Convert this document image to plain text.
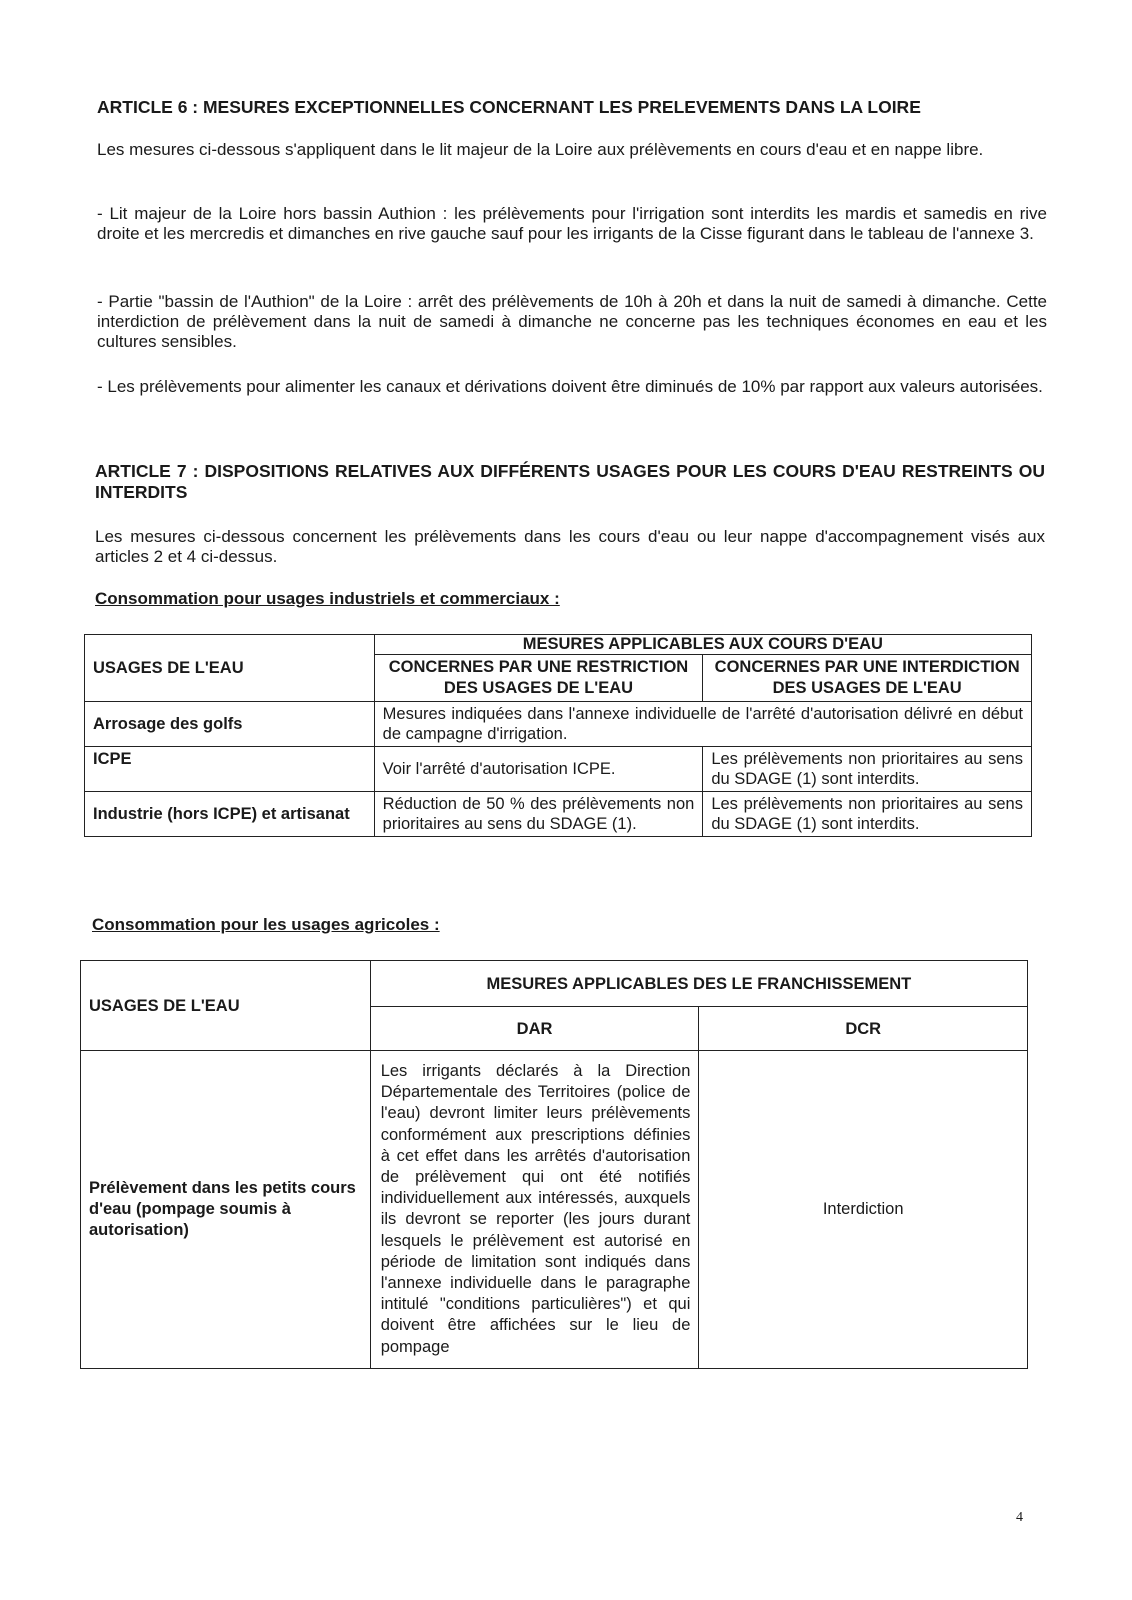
ARTICLE 6 : MESURES EXCEPTIONNELLES CONCERNANT LES PRELEVEMENTS DANS LA LOIRE
Les mesures ci-dessous s'appliquent dans le lit majeur de la Loire aux prélèvements en cours d'eau et en nappe libre.
- Lit majeur de la Loire hors bassin Authion : les prélèvements pour l'irrigation sont interdits les mardis et samedis en rive droite et les mercredis et dimanches en rive gauche sauf pour les irrigants de la Cisse figurant dans le tableau de l'annexe 3.
- Partie "bassin de l'Authion" de la Loire : arrêt des prélèvements de 10h à 20h et dans la nuit de samedi à dimanche. Cette interdiction de prélèvement dans la nuit de samedi à dimanche ne concerne pas les techniques économes en eau et les cultures sensibles.
- Les prélèvements pour alimenter les canaux et dérivations doivent être diminués de 10% par rapport aux valeurs autorisées.
ARTICLE 7 : DISPOSITIONS RELATIVES AUX DIFFÉRENTS USAGES POUR LES COURS D'EAU RESTREINTS OU INTERDITS
Les mesures ci-dessous concernent les prélèvements dans les cours d'eau ou leur nappe d'accompagnement visés aux articles 2 et 4 ci-dessus.
Consommation pour usages industriels et commerciaux :
USAGES DE L'EAU	MESURES APPLICABLES AUX COURS D'EAU	
	CONCERNES PAR UNE RESTRICTION DES USAGES DE L'EAU	CONCERNES PAR UNE INTERDICTION DES USAGES DE L'EAU
Arrosage des golfs	Mesures indiquées dans l'annexe individuelle de l'arrêté d'autorisation délivré en début de campagne d'irrigation.	
ICPE	Voir l'arrêté d'autorisation ICPE.	Les prélèvements non prioritaires au sens du SDAGE (1) sont interdits.
Industrie (hors ICPE) et artisanat	Réduction de 50 % des prélèvements non prioritaires au sens du SDAGE (1).	Les prélèvements non prioritaires au sens du SDAGE (1) sont interdits.
Consommation pour les usages agricoles :
USAGES DE L'EAU	MESURES APPLICABLES DES LE FRANCHISSEMENT	
	DAR	DCR
Prélèvement dans les petits cours d'eau (pompage soumis à autorisation)	Les irrigants déclarés à la Direction Départementale des Territoires (police de l'eau) devront limiter leurs prélèvements conformément aux prescriptions définies à cet effet dans les arrêtés d'autorisation de prélèvement qui ont été notifiés individuellement aux intéressés, auxquels ils devront se reporter (les jours durant lesquels le prélèvement est autorisé en période de limitation sont indiqués dans l'annexe individuelle dans le paragraphe intitulé "conditions particulières") et qui doivent être affichées sur le lieu de pompage	Interdiction
4
